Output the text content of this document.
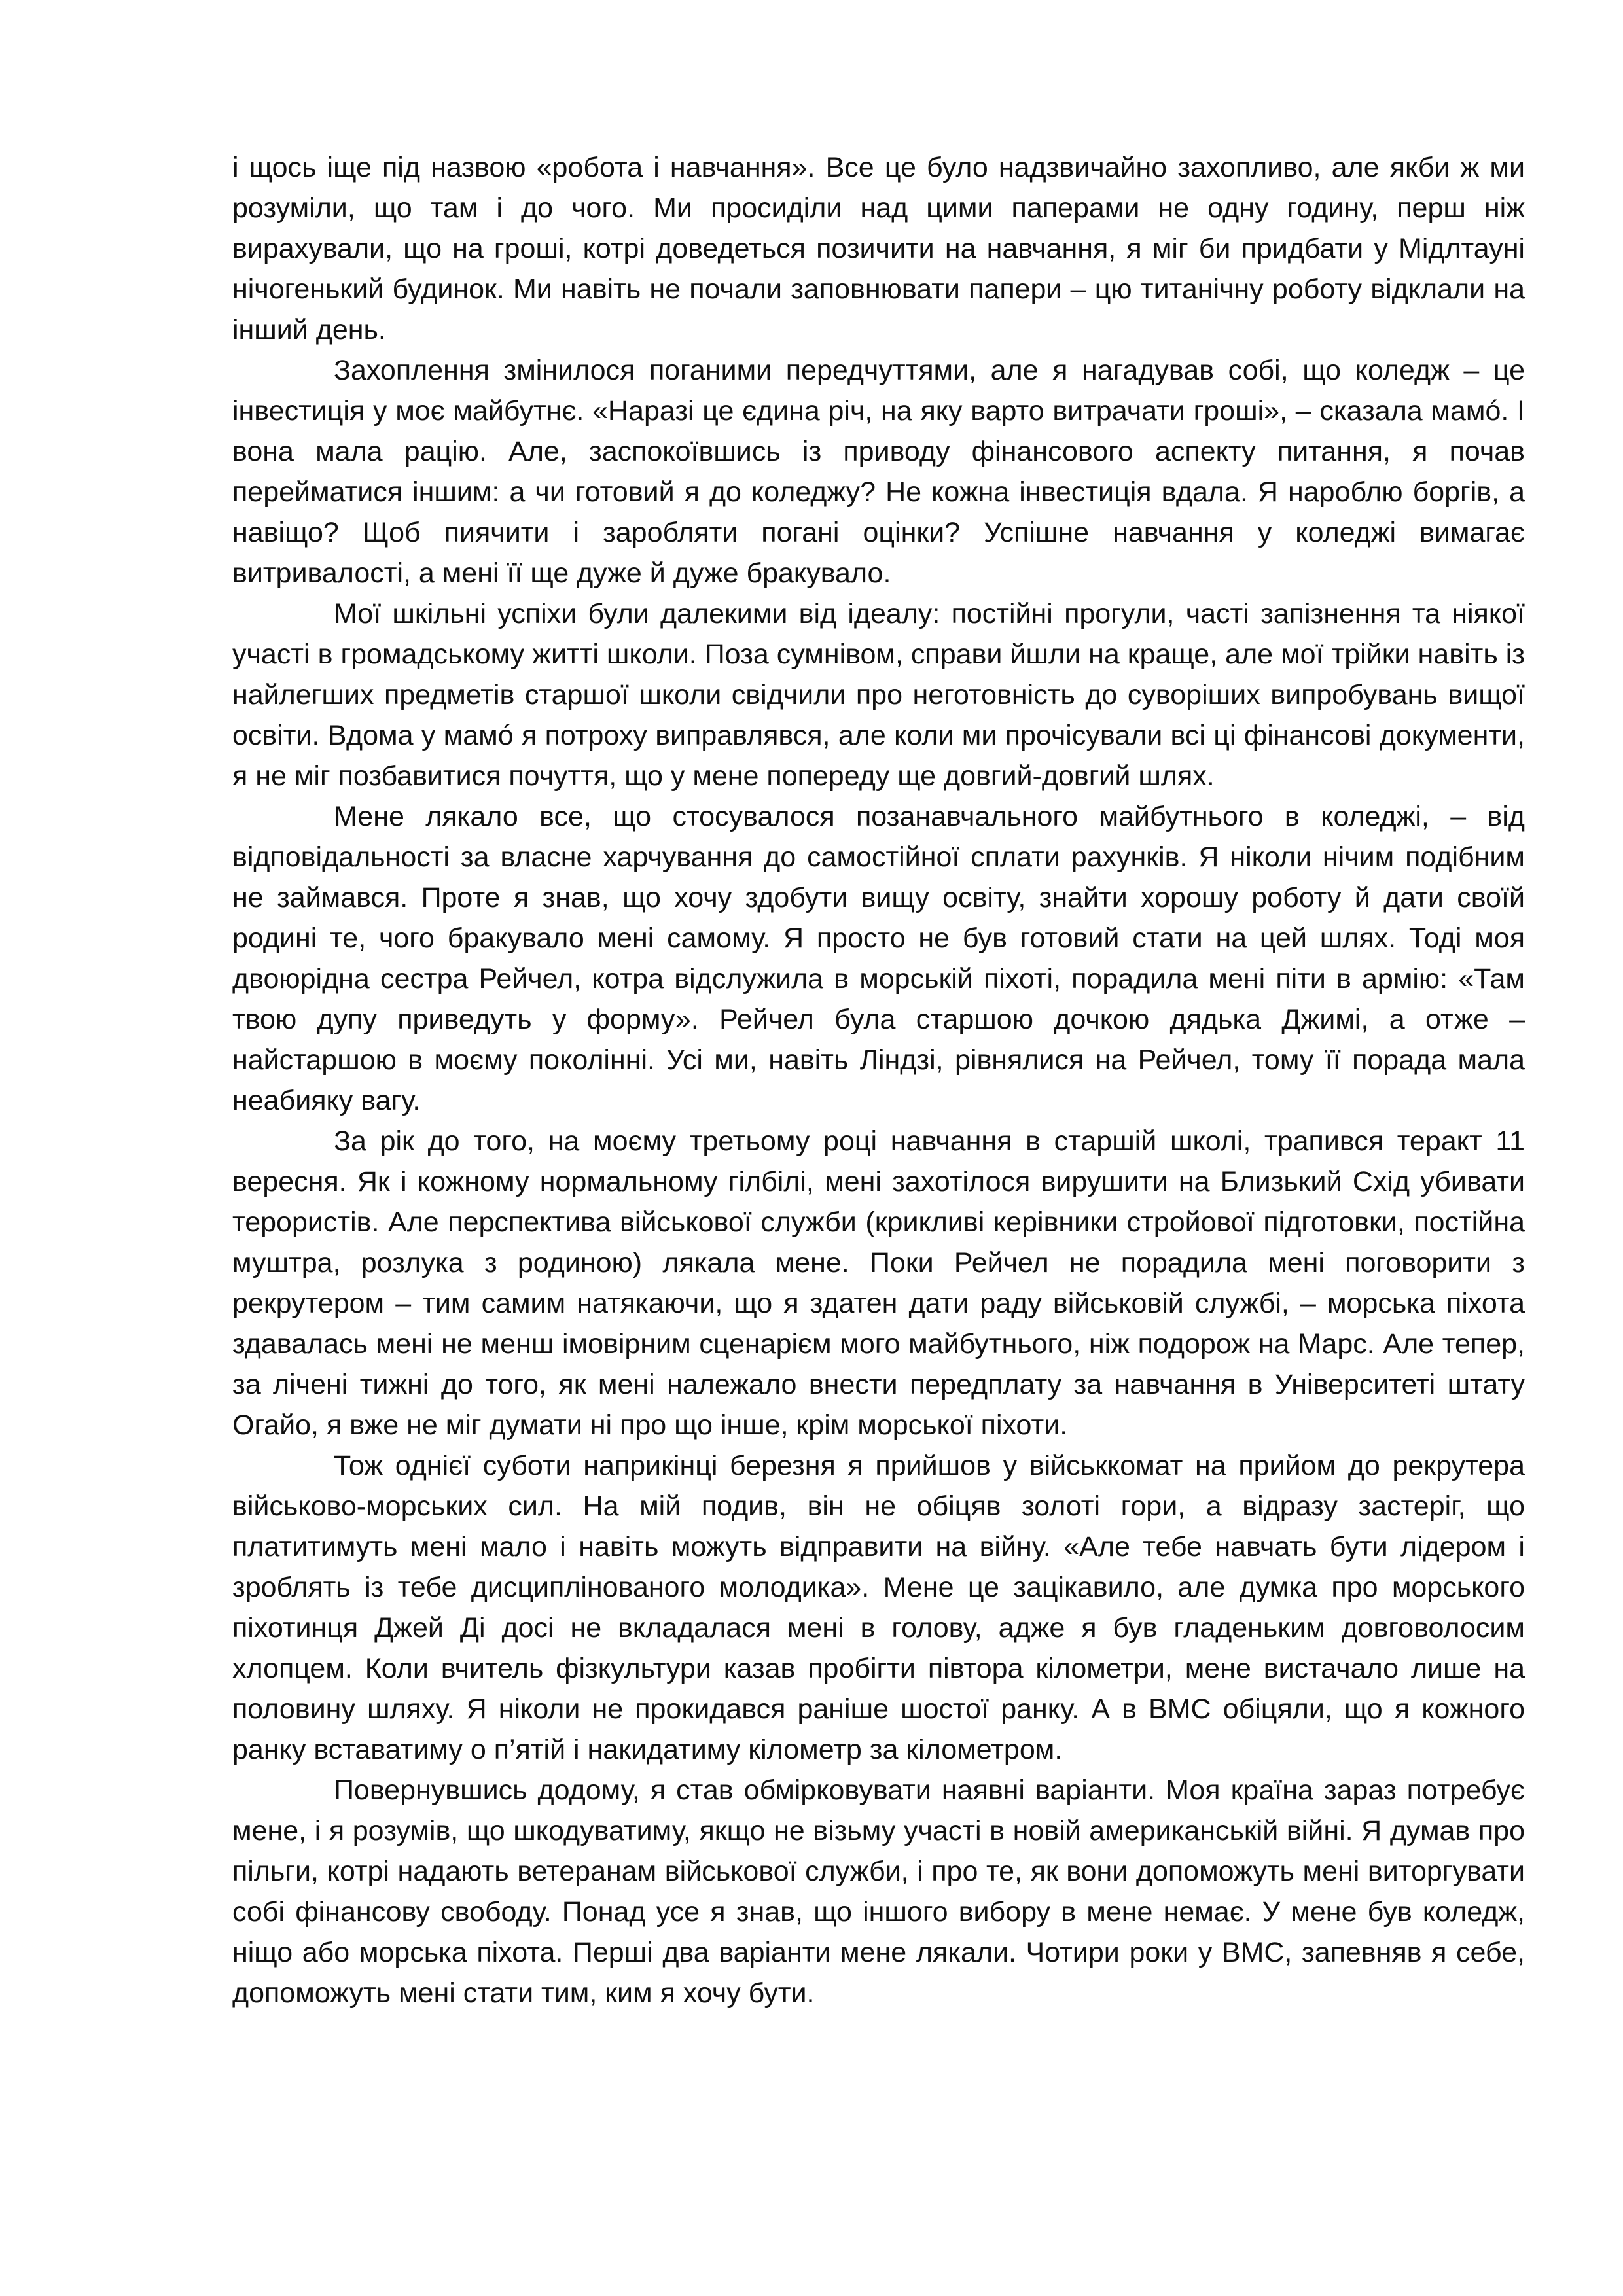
і щось іще під назвою «робота і навчання». Все це було надзвичайно захопливо, але якби ж ми розуміли, що там і до чого. Ми просиділи над цими паперами не одну годину, перш ніж вирахували, що на гроші, котрі доведеться позичити на навчання, я міг би придбати у Мідлтауні нічогенький будинок. Ми навіть не почали заповнювати папери – цю титанічну роботу відклали на інший день.

Захоплення змінилося поганими передчуттями, але я нагадував собі, що коледж – це інвестиція у моє майбутнє. «Наразі це єдина річ, на яку варто витрачати гроші», – сказала мамó. І вона мала рацію. Але, заспокоївшись із приводу фінансового аспекту питання, я почав перейматися іншим: а чи готовий я до коледжу? Не кожна інвестиція вдала. Я нароблю боргів, а навіщо? Щоб пиячити і заробляти погані оцінки? Успішне навчання у коледжі вимагає витривалості, а мені її ще дуже й дуже бракувало.

Мої шкільні успіхи були далекими від ідеалу: постійні прогули, часті запізнення та ніякої участі в громадському житті школи. Поза сумнівом, справи йшли на краще, але мої трійки навіть із найлегших предметів старшої школи свідчили про неготовність до суворіших випробувань вищої освіти. Вдома у мамó я потроху виправлявся, але коли ми прочісували всі ці фінансові документи, я не міг позбавитися почуття, що у мене попереду ще довгий-довгий шлях.

Мене лякало все, що стосувалося позанавчального майбутнього в коледжі, – від відповідальності за власне харчування до самостійної сплати рахунків. Я ніколи нічим подібним не займався. Проте я знав, що хочу здобути вищу освіту, знайти хорошу роботу й дати своїй родині те, чого бракувало мені самому. Я просто не був готовий стати на цей шлях. Тоді моя двоюрідна сестра Рейчел, котра відслужила в морській піхоті, порадила мені піти в армію: «Там твою дупу приведуть у форму». Рейчел була старшою дочкою дядька Джимі, а отже – найстаршою в моєму поколінні. Усі ми, навіть Ліндзі, рівнялися на Рейчел, тому її порада мала неабияку вагу.

За рік до того, на моєму третьому році навчання в старшій школі, трапився теракт 11 вересня. Як і кожному нормальному гілбілі, мені захотілося вирушити на Близький Схід убивати терористів. Але перспектива військової служби (крикливі керівники стройової підготовки, постійна муштра, розлука з родиною) лякала мене. Поки Рейчел не порадила мені поговорити з рекрутером – тим самим натякаючи, що я здатен дати раду військовій службі, – морська піхота здавалась мені не менш імовірним сценарієм мого майбутнього, ніж подорож на Марс. Але тепер, за лічені тижні до того, як мені належало внести передплату за навчання в Університеті штату Огайо, я вже не міг думати ні про що інше, крім морської піхоти.

Тож однієї суботи наприкінці березня я прийшов у військкомат на прийом до рекрутера військово-морських сил. На мій подив, він не обіцяв золоті гори, а відразу застеріг, що платитимуть мені мало і навіть можуть відправити на війну. «Але тебе навчать бути лідером і зроблять із тебе дисциплінованого молодика». Мене це зацікавило, але думка про морського піхотинця Джей Ді досі не вкладалася мені в голову, адже я був гладеньким довговолосим хлопцем. Коли вчитель фізкультури казав пробігти півтора кілометри, мене вистачало лише на половину шляху. Я ніколи не прокидався раніше шостої ранку. А в ВМС обіцяли, що я кожного ранку вставатиму о п’ятій і накидатиму кілометр за кілометром.

Повернувшись додому, я став обмірковувати наявні варіанти. Моя країна зараз потребує мене, і я розумів, що шкодуватиму, якщо не візьму участі в новій американській війні. Я думав про пільги, котрі надають ветеранам військової служби, і про те, як вони допоможуть мені виторгувати собі фінансову свободу. Понад усе я знав, що іншого вибору в мене немає. У мене був коледж, ніщо або морська піхота. Перші два варіанти мене лякали. Чотири роки у ВМС, запевняв я себе, допоможуть мені стати тим, ким я хочу бути.
